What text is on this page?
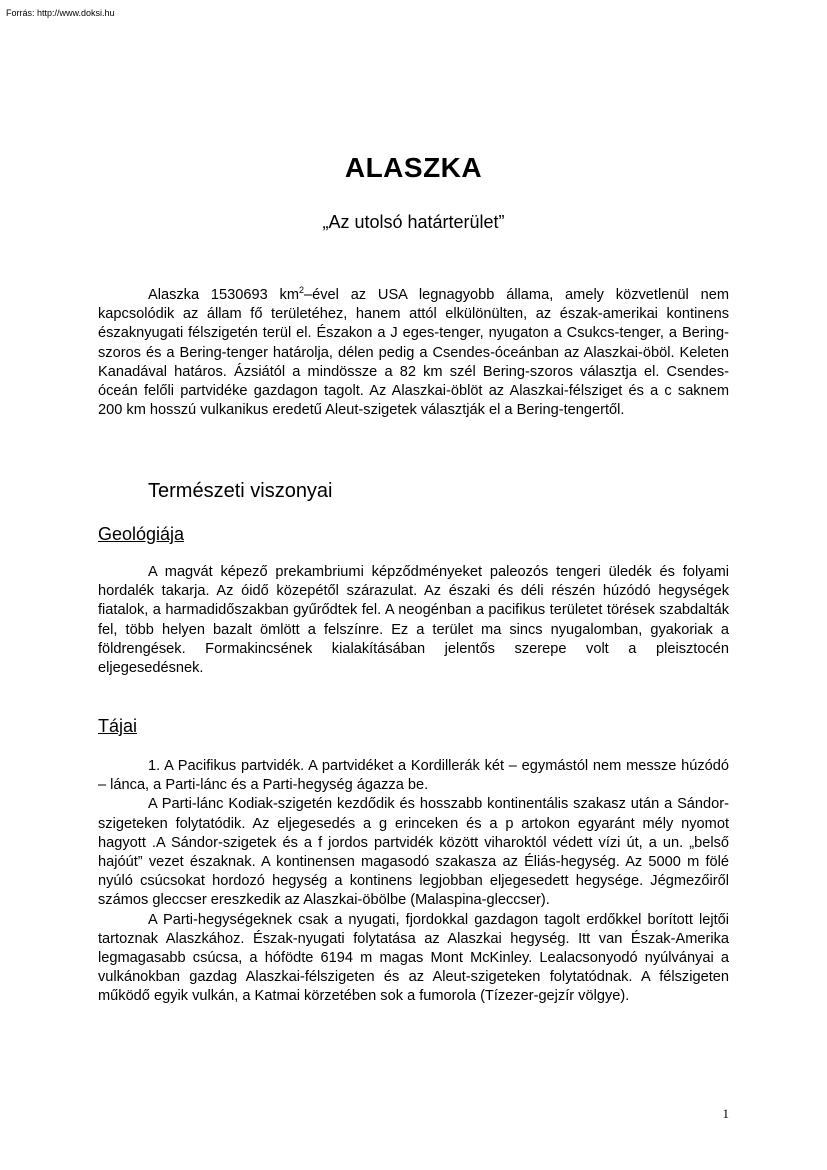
Forrás: http://www.doksi.hu
ALASZKA
„Az utolsó határterület”

Alaszka 1530693 $km^2$–ével az USA legnagyobb állama, amely közvetlenül nem kapcsolódik az állam fő területéhez, hanem attól elkülönülten, az észak-amerikai kontinens északnyugati félszigetén terül el. Északon a J eges-tenger, nyugaton a Csukcs-tenger, a Bering-szoros és a Bering-tenger határolja, délen pedig a Csendes-óceánban az Alaszkai-öböl. Keleten Kanadával határos. Ázsiától a mindössze a 82 km szél Bering-szoros választja el. Csendes-óceán felőli partvidéke gazdagon tagolt. Az Alaszkai-öblöt az Alaszkai-félsziget és a c saknem 200 km hosszú vulkanikus eredetű Aleut-szigetek választják el a Bering-tengertől.

Természeti viszonyai
Geológiája

A magvát képező prekambriumi képződményeket paleozós tengeri üledék és folyami hordalék takarja. Az óidő közepétől szárazulat. Az északi és déli részén húzódó hegységek fiatalok, a harmadidőszakban gyűrődtek fel. A neogénban a pacifikus területet törések szabdalták fel, több helyen bazalt ömlött a felszínre. Ez a terület ma sincs nyugalomban, gyakoriak a földrengések. Formakincsének kialakításában jelentős szerepe volt a pleisztocén eljegesedésnek.

Tájai

1. A Pacifikus partvidék. A partvidéket a Kordillerák két – egymástól nem messze húzódó – lánca, a Parti-lánc és a Parti-hegység ágazza be.

A Parti-lánc Kodiak-szigetén kezdődik és hosszabb kontinentális szakasz után a Sándor-szigeteken folytatódik. Az eljegesedés a g erinceken és a p artokon egyaránt mély nyomot hagyott .A Sándor-szigetek és a f jordos partvidék között viharoktól védett vízi út, a un. „belső hajóút” vezet északnak. A kontinensen magasodó szakasza az Éliás-hegység. Az 5000 m fölé nyúló csúcsokat hordozó hegység a kontinens legjobban eljegesedett hegysége. Jégmezőiről számos gleccser ereszkedik az Alaszkai-öbölbe (Malaspina-gleccser).

A Parti-hegységeknek csak a nyugati, fjordokkal gazdagon tagolt erdőkkel borított lejtői tartoznak Alaszkához. Észak-nyugati folytatása az Alaszkai hegység. Itt van Észak-Amerika legmagasabb csúcsa, a hófödte 6194 m magas Mont McKinley. Lealacsonyodó nyúlványai a vulkánokban gazdag Alaszkai-félszigeten és az Aleut-szigeteken folytatódnak. A félszigeten működő egyik vulkán, a Katmai körzetében sok a fumorola (Tízezer-gejzír völgye).

1
